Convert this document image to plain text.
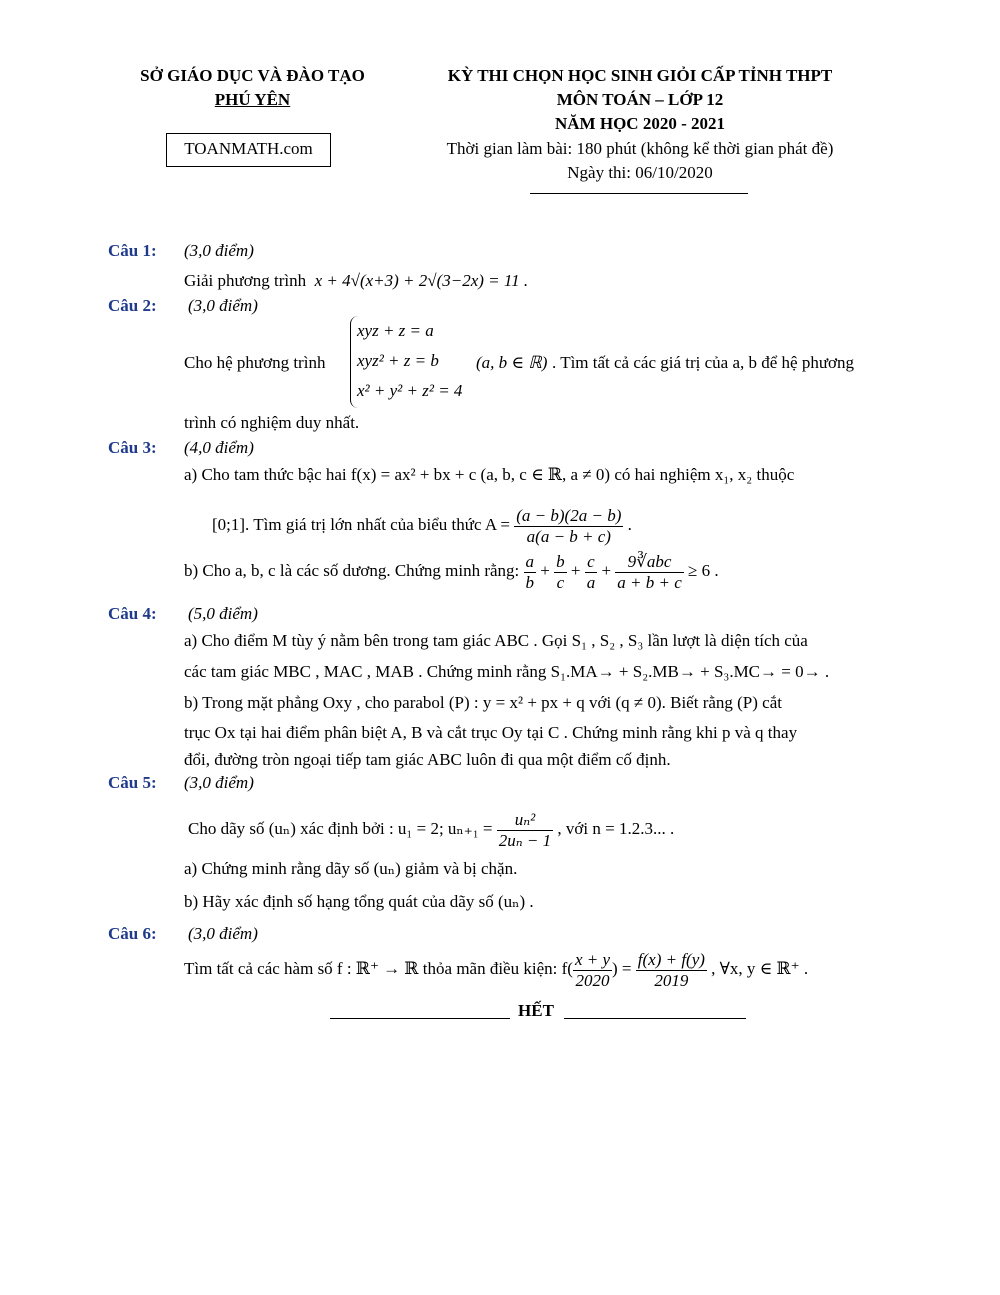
SỞ GIÁO DỤC VÀ ĐÀO TẠO
PHÚ YÊN
TOANMATH.com
KỲ THI CHỌN HỌC SINH GIỎI CẤP TỈNH THPT
MÔN TOÁN – LỚP 12
NĂM HỌC 2020 - 2021
Thời gian làm bài: 180 phút (không kể thời gian phát đề)
Ngày thi: 06/10/2020
Câu 1: (3,0 điểm)
Giải phương trình x + 4√(x+3) + 2√(3−2x) = 11 .
Câu 2: (3,0 điểm)
Cho hệ phương trình
xyz + z = a
xyz² + z = b
x² + y² + z² = 4
(a, b ∈ ℝ) . Tìm tất cả các giá trị của a, b để hệ phương
trình có nghiệm duy nhất.
Câu 3: (4,0 điểm)
a) Cho tam thức bậc hai f(x) = ax² + bx + c (a, b, c ∈ ℝ, a ≠ 0) có hai nghiệm x₁, x₂ thuộc
[0;1]. Tìm giá trị lớn nhất của biểu thức $A = \frac{(a - b)(2a - b)}{a(a - b + c)}$ .
b) Cho a, b, c là các số dương. Chứng minh rằng: $\frac{a}{b} + \frac{b}{c} + \frac{c}{a} + \frac{\text{9∛abc}}{a + b + c} \ge 6$ .
Câu 4: (5,0 điểm)
a) Cho điểm M tùy ý nằm bên trong tam giác ABC . Gọi S₁ , S₂ , S₃ lần lượt là diện tích của
các tam giác MBC , MAC , MAB . Chứng minh rằng S₁.MA→ + S₂.MB→ + S₃.MC→ = 0→ .
b) Trong mặt phẳng Oxy , cho parabol (P) : y = x² + px + q với (q ≠ 0). Biết rằng (P) cắt
trục Ox tại hai điểm phân biệt A, B và cắt trục Oy tại C . Chứng minh rằng khi p và q thay
đổi, đường tròn ngoại tiếp tam giác ABC luôn đi qua một điểm cố định.
Câu 5: (3,0 điểm)
Cho dãy số (uₙ) xác định bởi : u₁ = 2; $u_{n+1} = \frac{\text{uₙ²}}{\text{2uₙ − 1}}$ , với n = 1.2.3... .
a) Chứng minh rằng dãy số (uₙ) giảm và bị chặn.
b) Hãy xác định số hạng tổng quát của dãy số (uₙ) .
Câu 6: (3,0 điểm)
Tìm tất cả các hàm số f : ℝ⁺ → ℝ thỏa mãn điều kiện: $f( \frac{x + y}{2020}$ ) = $\frac{f(x) + f(y)}{2019}$ , ∀x, y ∈ ℝ⁺ .
HẾT
